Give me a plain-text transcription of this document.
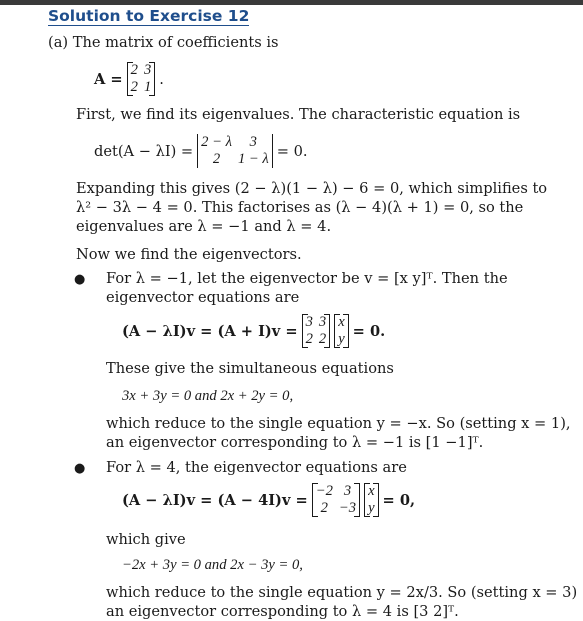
Solution to Exercise 12
(a) The matrix of coefficients is
A =
2	3
2	1 .
First, we find its eigenvalues. The characteristic equation is
det(A − λI) =
2 − λ	3
2	1 − λ = 0.
Expanding this gives (2 − λ)(1 − λ) − 6 = 0, which simplifies to
λ² − 3λ − 4 = 0. This factorises as (λ − 4)(λ + 1) = 0, so the
eigenvalues are λ = −1 and λ = 4.
Now we find the eigenvectors.
● For λ = −1, let the eigenvector be v = [x y]ᵀ. Then the
eigenvector equations are
(A − λI)v = (A + I)v =
3	3
2	2
x
y = 0.
These give the simultaneous equations
3x + 3y = 0 and 2x + 2y = 0,
which reduce to the single equation y = −x. So (setting x = 1),
an eigenvector corresponding to λ = −1 is [1 −1]ᵀ.
● For λ = 4, the eigenvector equations are
(A − λI)v = (A − 4I)v =
−2	3
2	−3
x
y = 0,
which give
−2x + 3y = 0 and 2x − 3y = 0,
which reduce to the single equation y = 2x/3. So (setting x = 3)
an eigenvector corresponding to λ = 4 is [3 2]ᵀ.
